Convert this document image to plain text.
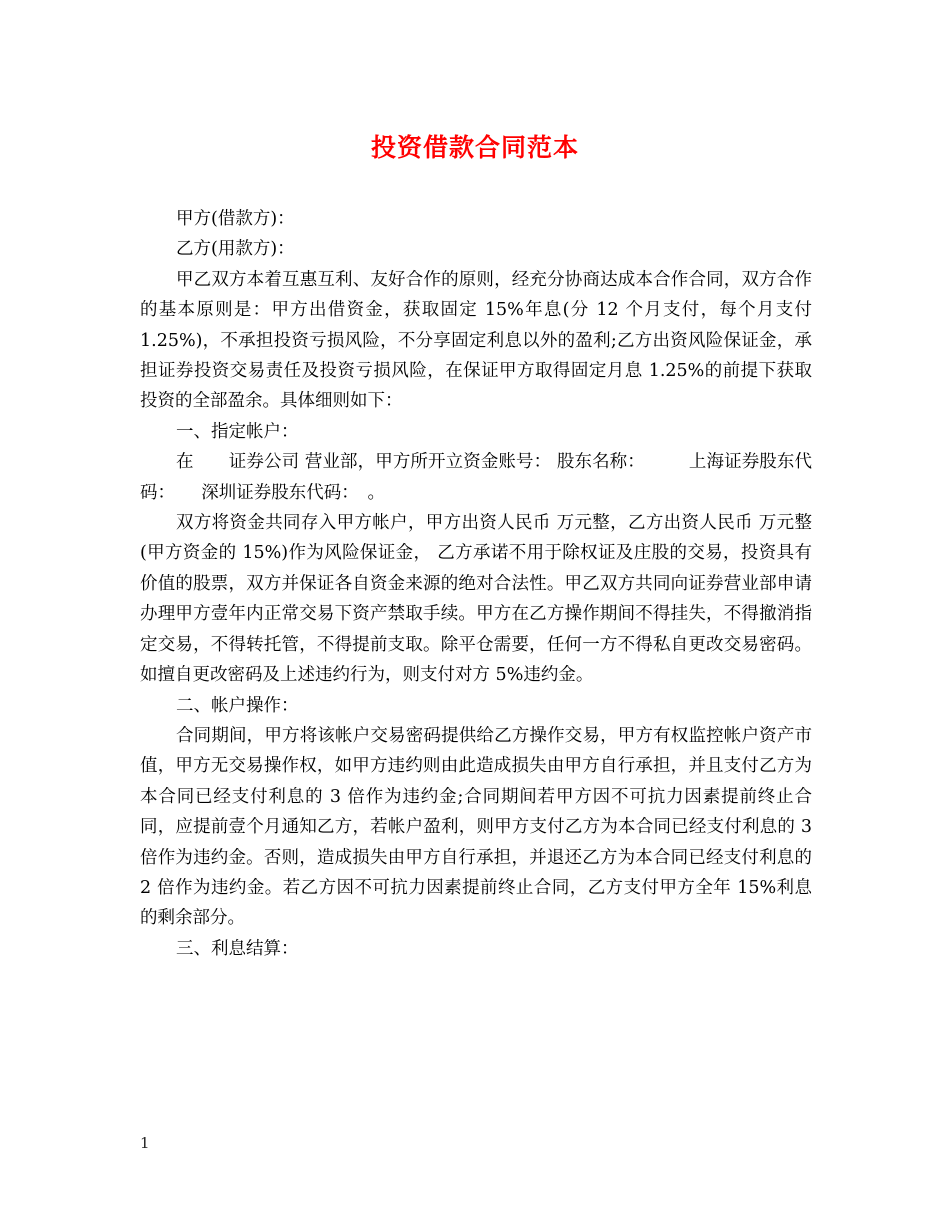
投资借款合同范本

甲方(借款方)：

乙方(用款方)：

甲乙双方本着互惠互利、友好合作的原则，经充分协商达成本合作合同，双方合作的基本原则是：甲方出借资金，获取固定 15%年息(分 12 个月支付，每个月支付 1.25%)，不承担投资亏损风险，不分享固定利息以外的盈利;乙方出资风险保证金，承担证券投资交易责任及投资亏损风险，在保证甲方取得固定月息 1.25%的前提下获取投资的全部盈余。具体细则如下：

一、指定帐户：

在　　证券公司 营业部，甲方所开立资金账号： 股东名称：　　　上海证券股东代码：　　深圳证券股东代码：　。

双方将资金共同存入甲方帐户，甲方出资人民币 万元整，乙方出资人民币 万元整(甲方资金的 15%)作为风险保证金， 乙方承诺不用于除权证及庄股的交易，投资具有价值的股票，双方并保证各自资金来源的绝对合法性。甲乙双方共同向证券营业部申请办理甲方壹年内正常交易下资产禁取手续。甲方在乙方操作期间不得挂失，不得撤消指定交易，不得转托管，不得提前支取。除平仓需要，任何一方不得私自更改交易密码。如擅自更改密码及上述违约行为，则支付对方 5%违约金。

二、帐户操作：

合同期间，甲方将该帐户交易密码提供给乙方操作交易，甲方有权监控帐户资产市值，甲方无交易操作权，如甲方违约则由此造成损失由甲方自行承担，并且支付乙方为本合同已经支付利息的 3 倍作为违约金;合同期间若甲方因不可抗力因素提前终止合同，应提前壹个月通知乙方，若帐户盈利，则甲方支付乙方为本合同已经支付利息的 3 倍作为违约金。否则，造成损失由甲方自行承担，并退还乙方为本合同已经支付利息的 2 倍作为违约金。若乙方因不可抗力因素提前终止合同，乙方支付甲方全年 15%利息的剩余部分。

三、利息结算：

1
